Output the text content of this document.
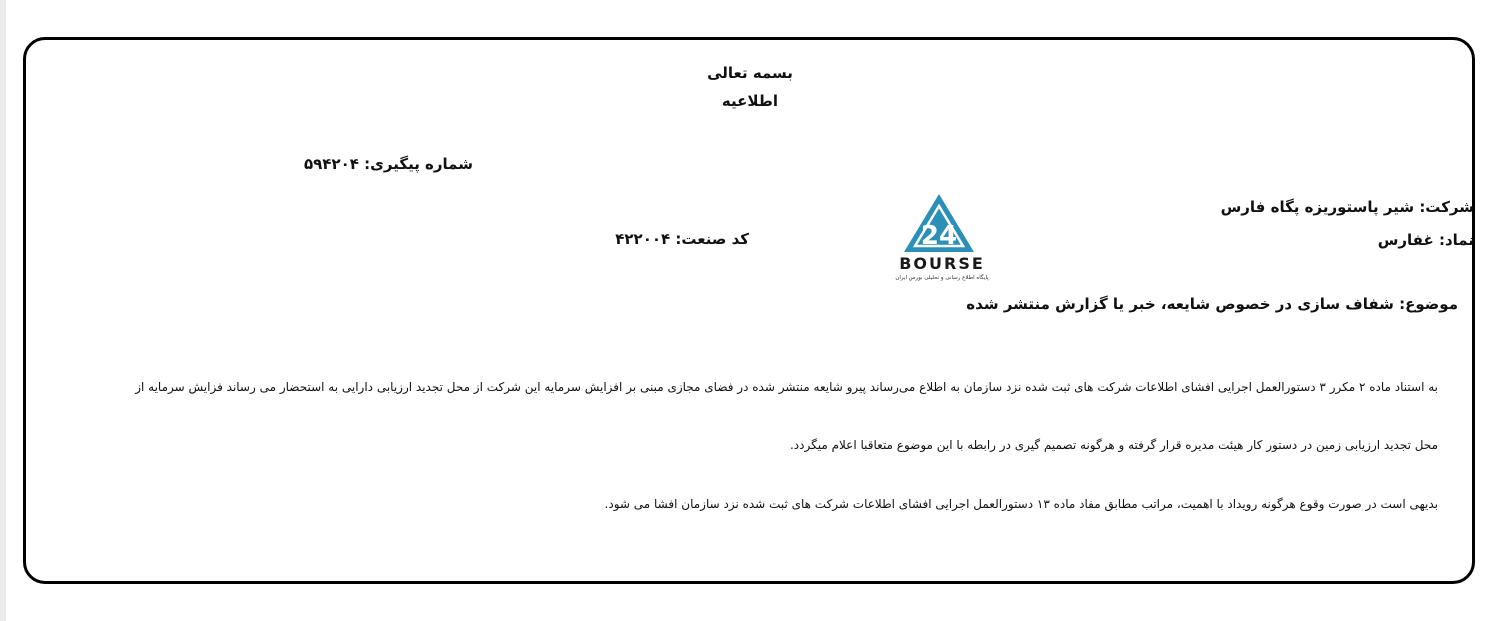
بسمه تعالی
اطلاعیه
شماره پیگیری: ۵۹۴۲۰۴
شرکت: شیر پاستوریزه پگاه فارس
نماد: غفارس
کد صنعت: ۴۲۲۰۰۴
موضوع: شفاف سازی در خصوص شایعه، خبر یا گزارش منتشر شده
به استناد ماده ۲ مکرر ۳ دستورالعمل اجرایی افشای اطلاعات شرکت های ثبت شده نزد سازمان به اطلاع می‌رساند پیرو شایعه منتشر شده در فضای مجازی مبنی بر افزایش سرمایه این شرکت از محل تجدید ارزیابی دارایی به استحضار می رساند فزایش سرمایه از
محل تجدید ارزیابی زمین در دستور کار هیئت مدیره قرار گرفته و هرگونه تصمیم گیری در رابطه با این موضوع متعاقبا اعلام میگردد.
بدیهی است در صورت وقوع هرگونه رویداد با اهمیت، مراتب مطابق مفاد ماده ۱۳ دستورالعمل اجرایی افشای اطلاعات شرکت های ثبت شده نزد سازمان افشا می شود.
24
BOURSE
پایگاه اطلاع رسانی و تحلیلی بورس ایران
